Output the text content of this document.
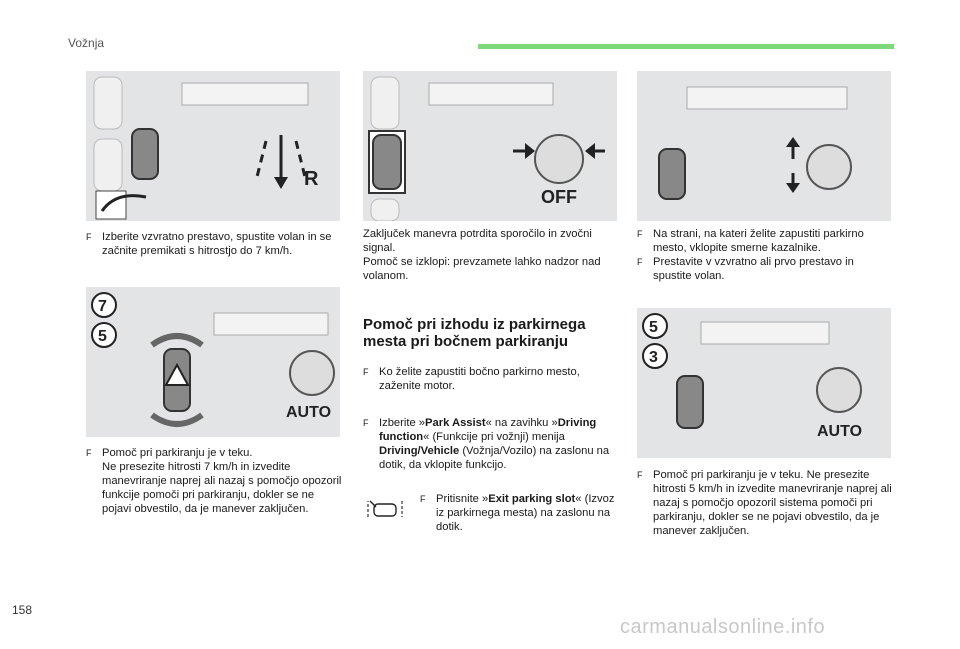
Vožnja
R
OFF
7
5
AUTO
5
3
AUTO
F Izberite vzvratno prestavo, spustite volan in se začnite premikati s hitrostjo do 7 km/h.
F Pomoč pri parkiranju je v teku.
Ne presezite hitrosti 7 km/h in izvedite manevriranje naprej ali nazaj s pomočjo opozoril funkcije pomoči pri parkiranju, dokler se ne pojavi obvestilo, da je manever zaključen.
Zaključek manevra potrdita sporočilo in zvočni signal.
Pomoč se izklopi: prevzamete lahko nadzor nad volanom.
Pomoč pri izhodu iz parkirnega mesta pri bočnem parkiranju
F Ko želite zapustiti bočno parkirno mesto, zaženite motor.
F Izberite »Park Assist« na zavihku »Driving function« (Funkcije pri vožnji) menija Driving/Vehicle (Vožnja/Vozilo) na zaslonu na dotik, da vklopite funkcijo.
F Pritisnite »Exit parking slot« (Izvoz iz parkirnega mesta) na zaslonu na dotik.
F Na strani, na kateri želite zapustiti parkirno mesto, vklopite smerne kazalnike.
F Prestavite v vzvratno ali prvo prestavo in spustite volan.
F Pomoč pri parkiranju je v teku. Ne presezite hitrosti 5 km/h in izvedite manevriranje naprej ali nazaj s pomočjo opozoril sistema pomoči pri parkiranju, dokler se ne pojavi obvestilo, da je manever zaključen.
158
carmanualsonline.info
